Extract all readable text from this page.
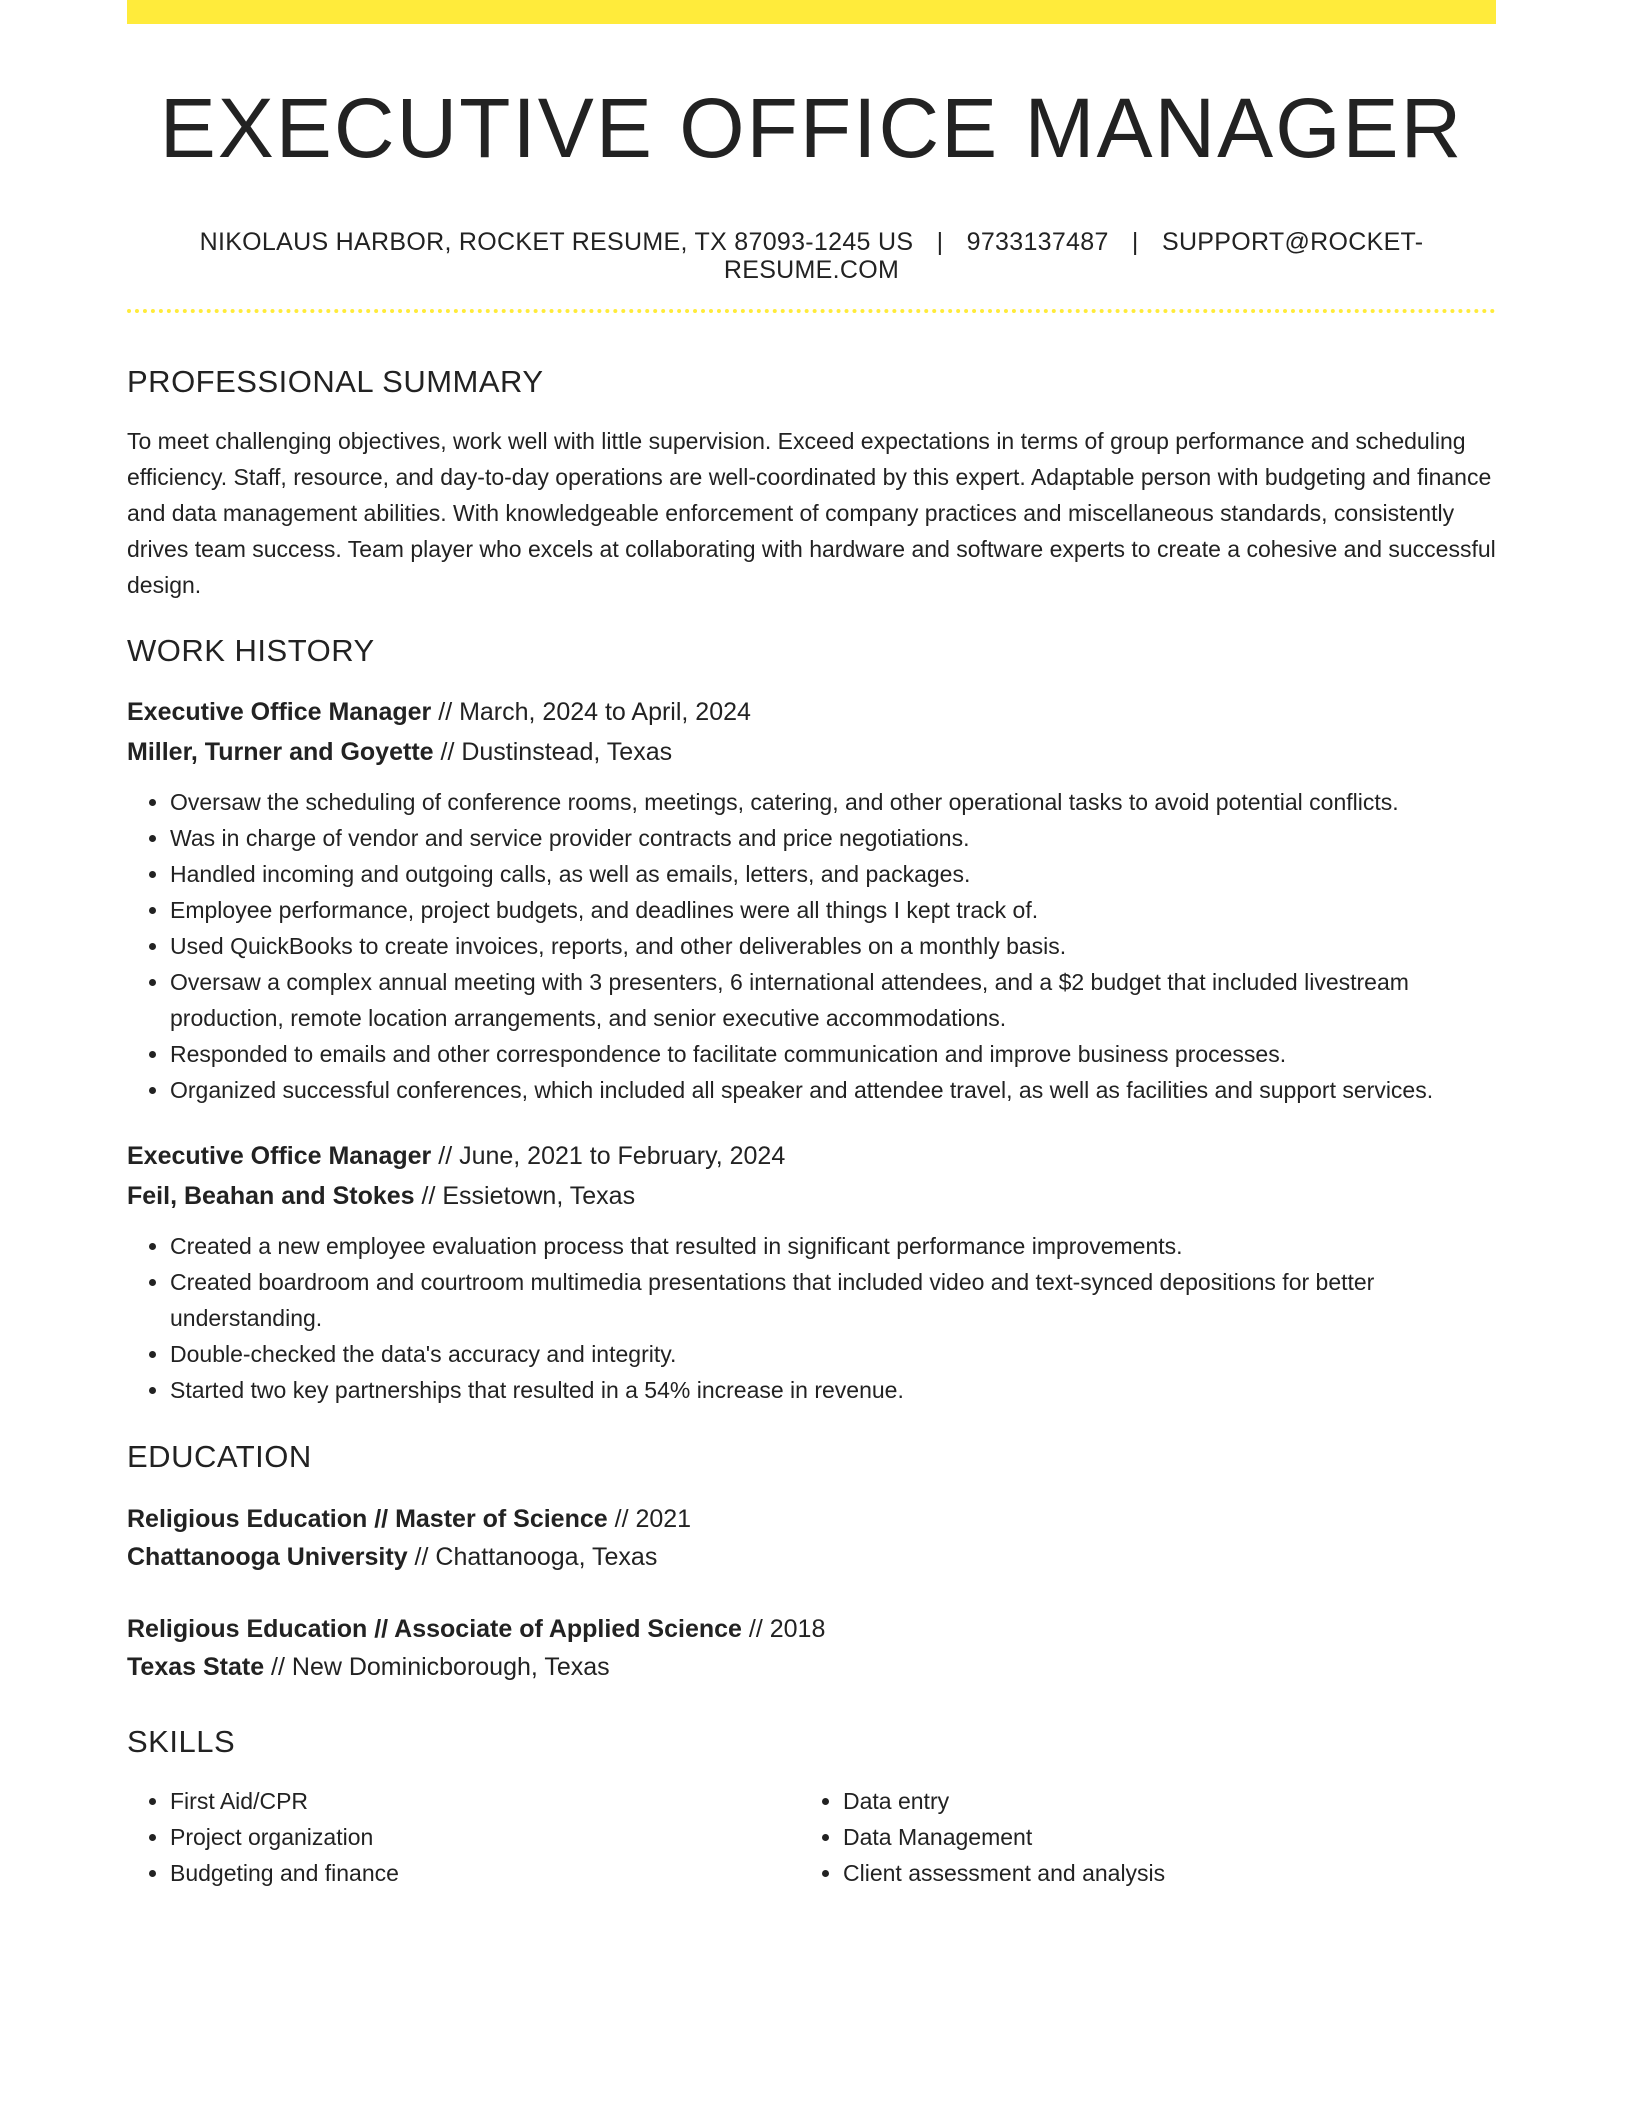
EXECUTIVE OFFICE MANAGER
NIKOLAUS HARBOR, ROCKET RESUME, TX 87093-1245 US | 9733137487 | SUPPORT@ROCKET-RESUME.COM
PROFESSIONAL SUMMARY

To meet challenging objectives, work well with little supervision. Exceed expectations in terms of group performance and scheduling efficiency. Staff, resource, and day-to-day operations are well-coordinated by this expert. Adaptable person with budgeting and finance and data management abilities. With knowledgeable enforcement of company practices and miscellaneous standards, consistently drives team success. Team player who excels at collaborating with hardware and software experts to create a cohesive and successful design.

WORK HISTORY
Executive Office Manager // March, 2024 to April, 2024
Miller, Turner and Goyette // Dustinstead, Texas
• Oversaw the scheduling of conference rooms, meetings, catering, and other operational tasks to avoid potential conflicts.
• Was in charge of vendor and service provider contracts and price negotiations.
• Handled incoming and outgoing calls, as well as emails, letters, and packages.
• Employee performance, project budgets, and deadlines were all things I kept track of.
• Used QuickBooks to create invoices, reports, and other deliverables on a monthly basis.
• Oversaw a complex annual meeting with 3 presenters, 6 international attendees, and a $2 budget that included livestream production, remote location arrangements, and senior executive accommodations.
• Responded to emails and other correspondence to facilitate communication and improve business processes.
• Organized successful conferences, which included all speaker and attendee travel, as well as facilities and support services.
Executive Office Manager // June, 2021 to February, 2024
Feil, Beahan and Stokes // Essietown, Texas
• Created a new employee evaluation process that resulted in significant performance improvements.
• Created boardroom and courtroom multimedia presentations that included video and text-synced depositions for better understanding.
• Double-checked the data's accuracy and integrity.
• Started two key partnerships that resulted in a 54% increase in revenue.
EDUCATION
Religious Education // Master of Science // 2021
Chattanooga University // Chattanooga, Texas
Religious Education // Associate of Applied Science // 2018
Texas State // New Dominicborough, Texas
SKILLS
• First Aid/CPR
• Project organization
• Budgeting and finance
• Data entry
• Data Management
• Client assessment and analysis
